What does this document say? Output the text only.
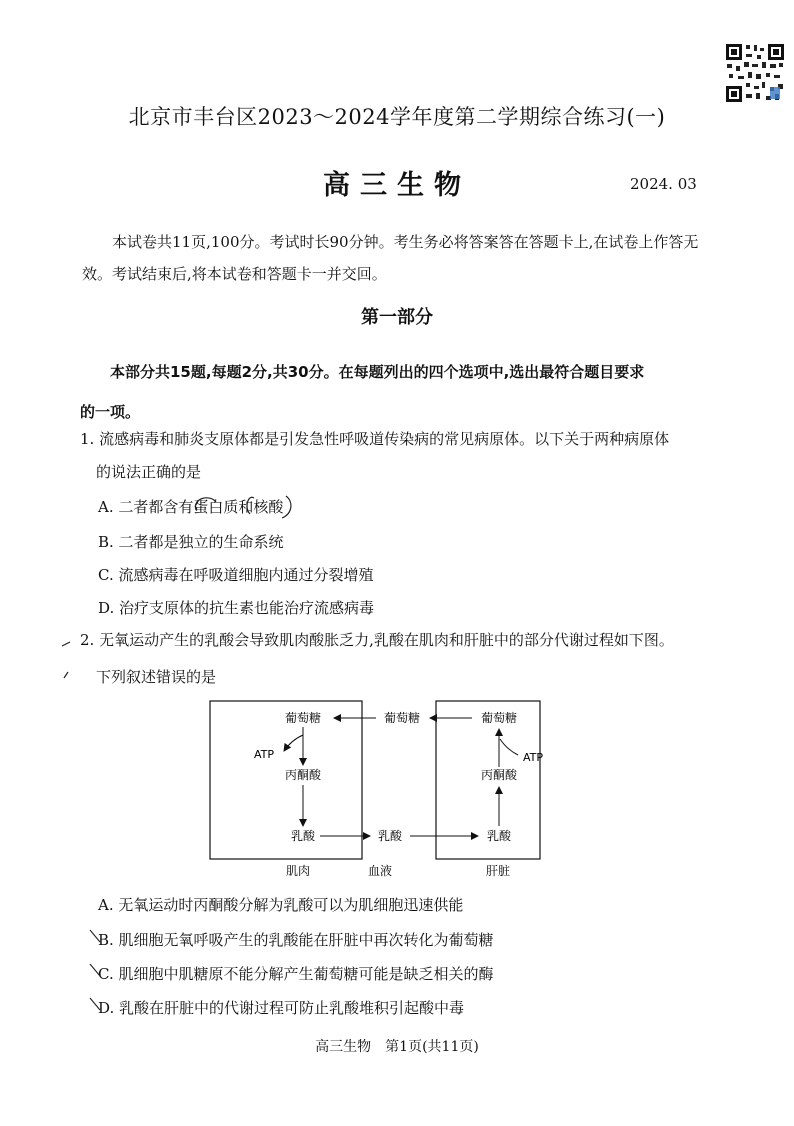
北京市丰台区2023～2024学年度第二学期综合练习(一)
高三生物	2024. 03
本试卷共11页,100分。考试时长90分钟。考生务必将答案答在答题卡上,在试卷上作答无效。考试结束后,将本试卷和答题卡一并交回。
第一部分
本部分共15题,每题2分,共30分。在每题列出的四个选项中,选出最符合题目要求
的一项。
1. 流感病毒和肺炎支原体都是引发急性呼吸道传染病的常见病原体。以下关于两种病原体
的说法正确的是
A. 二者都含有蛋白质和核酸
B. 二者都是独立的生命系统
C. 流感病毒在呼吸道细胞内通过分裂增殖
D. 治疗支原体的抗生素也能治疗流感病毒
2. 无氧运动产生的乳酸会导致肌肉酸胀乏力,乳酸在肌肉和肝脏中的部分代谢过程如下图。
下列叙述错误的是
葡萄糖
ATP
丙酮酸
乳酸
葡萄糖
乳酸
葡萄糖
ATP
丙酮酸
乳酸
肌肉	血液	肝脏
A. 无氧运动时丙酮酸分解为乳酸可以为肌细胞迅速供能
B. 肌细胞无氧呼吸产生的乳酸能在肝脏中再次转化为葡萄糖
C. 肌细胞中肌糖原不能分解产生葡萄糖可能是缺乏相关的酶
D. 乳酸在肝脏中的代谢过程可防止乳酸堆积引起酸中毒
高三生物　第1页(共11页)
